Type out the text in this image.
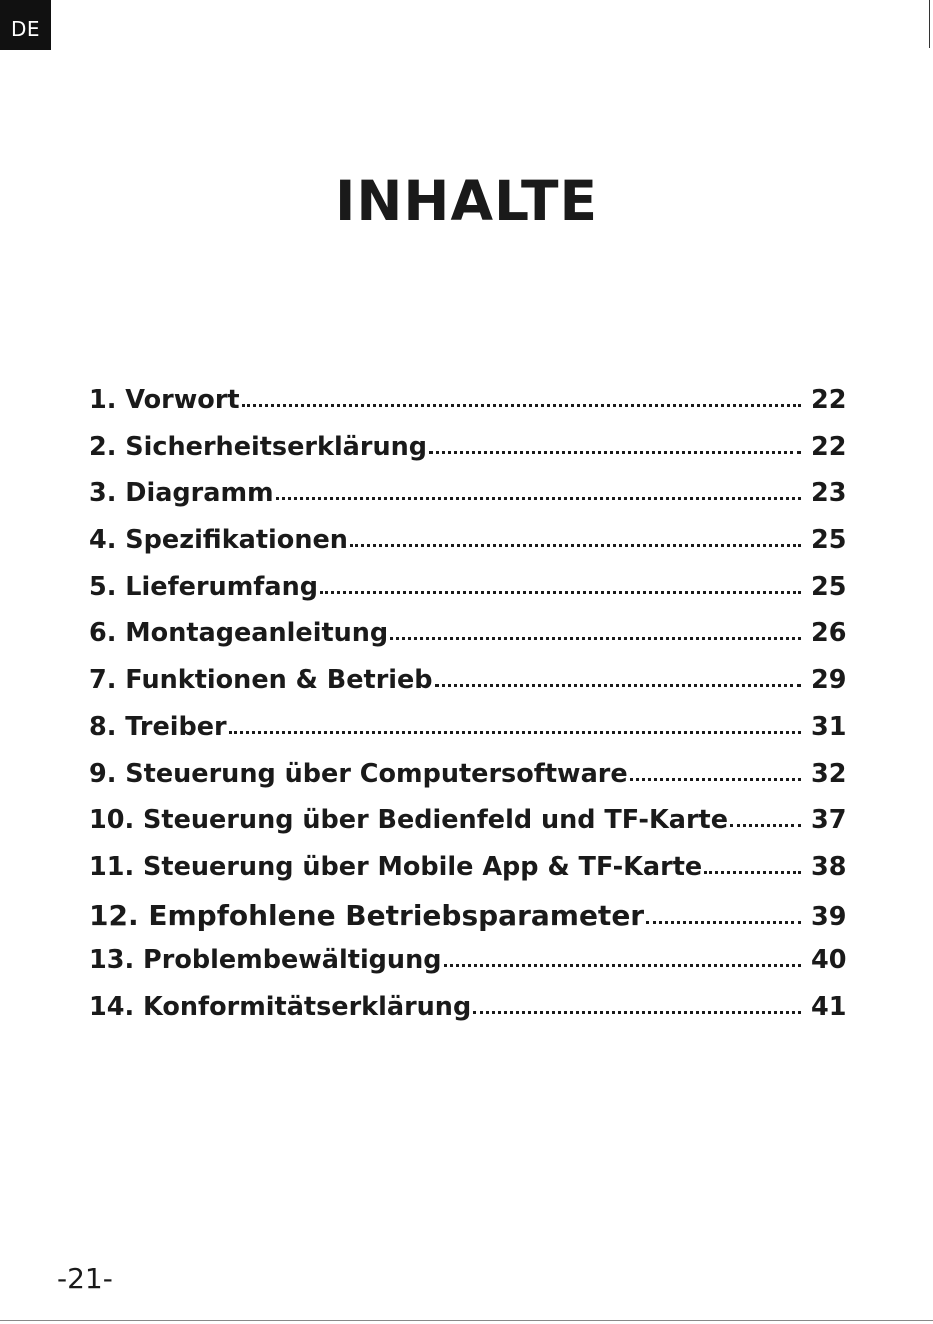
DE
INHALTE
1. Vorwort	22
2. Sicherheitserklärung	22
3. Diagramm	23
4. Spezifikationen	25
5. Lieferumfang	25
6. Montageanleitung	26
7. Funktionen & Betrieb	29
8. Treiber	31
9. Steuerung über Computersoftware	32
10. Steuerung über Bedienfeld und TF-Karte	37
11. Steuerung über Mobile App & TF-Karte	38
12. Empfohlene Betriebsparameter	39
13. Problembewältigung	40
14. Konformitätserklärung	41
-21-
